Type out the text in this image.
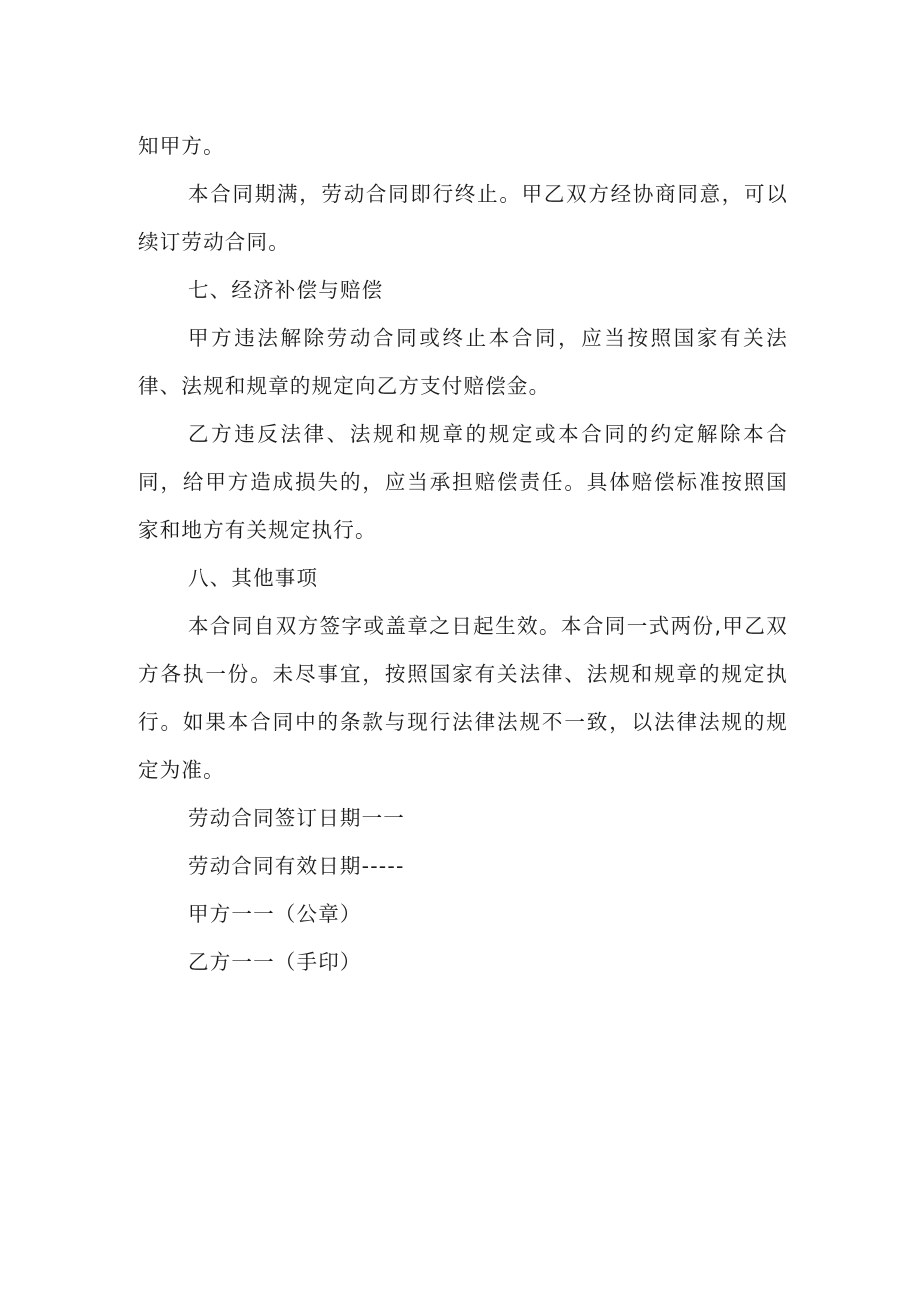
知甲方。

本合同期满，劳动合同即行终止。甲乙双方经协商同意，可以续订劳动合同。

七、经济补偿与赔偿

甲方违法解除劳动合同或终止本合同，应当按照国家有关法律、法规和规章的规定向乙方支付赔偿金。

乙方违反法律、法规和规章的规定或本合同的约定解除本合同，给甲方造成损失的，应当承担赔偿责任。具体赔偿标准按照国家和地方有关规定执行。

八、其他事项

本合同自双方签字或盖章之日起生效。本合同一式两份,甲乙双方各执一份。未尽事宜，按照国家有关法律、法规和规章的规定执行。如果本合同中的条款与现行法律法规不一致，以法律法规的规定为准。

劳动合同签订日期一一

劳动合同有效日期-----

甲方一一（公章）

乙方一一（手印）
